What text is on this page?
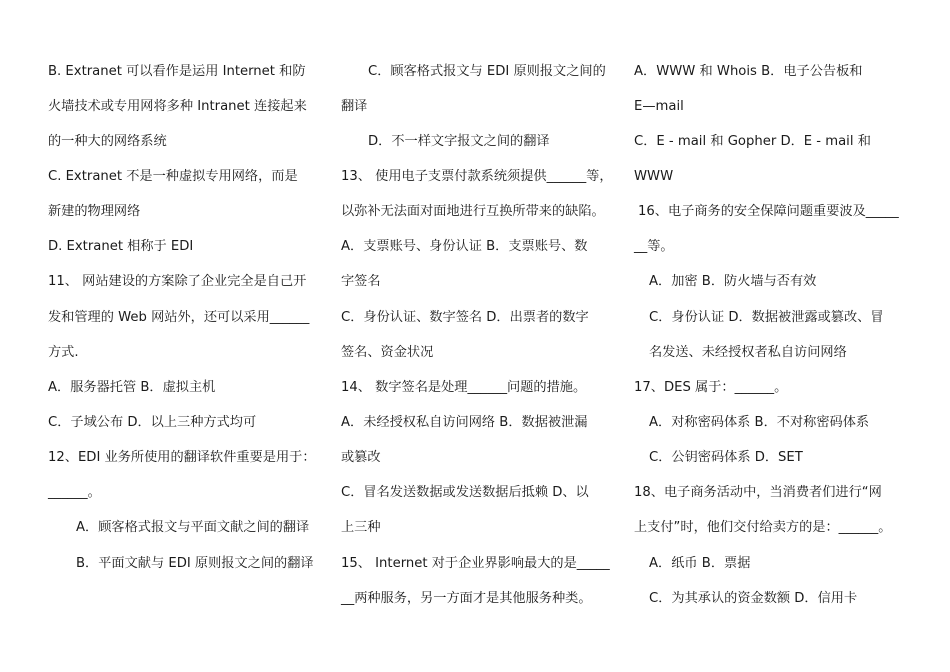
B. Extranet 可以看作是运用 Internet 和防
火墙技术或专用网将多种 Intranet 连接起来
的一种大的网络系统
C. Extranet 不是一种虚拟专用网络，而是
新建的物理网络
D. Extranet 相称于 EDI
11、 网站建设的方案除了企业完全是自己开
发和管理的 Web 网站外，还可以采用______
方式.
A．服务器托管 B．虚拟主机
C．子域公布 D．以上三种方式均可
12、EDI 业务所使用的翻译软件重要是用于：
______。
A．顾客格式报文与平面文献之间的翻译
B．平面文献与 EDI 原则报文之间的翻译
C．顾客格式报文与 EDI 原则报文之间的
翻译
D．不一样文字报文之间的翻译
13、 使用电子支票付款系统须提供______等，
以弥补无法面对面地进行互换所带来的缺陷。
A．支票账号、身份认证 B．支票账号、数
字签名
C．身份认证、数字签名 D．出票者的数字
签名、资金状况
14、 数字签名是处理______问题的措施。
A．未经授权私自访问网络 B．数据被泄漏
或篡改
C．冒名发送数据或发送数据后抵赖 D、以
上三种
15、 Internet 对于企业界影响最大的是_____
__两种服务，另一方面才是其他服务种类。
A．WWW 和 Whois B．电子公告板和
E—mail
C．E - mail 和 Gopher D．E - mail 和
WWW
16、电子商务的安全保障问题重要波及_____
__等。
A．加密 B．防火墙与否有效
C．身份认证 D．数据被泄露或篡改、冒
名发送、未经授权者私自访问网络
17、DES 属于：______。
A．对称密码体系 B．不对称密码体系
C．公钥密码体系 D．SET
18、电子商务活动中，当消费者们进行“网
上支付”时，他们交付给卖方的是：______。
A．纸币 B．票据
C．为其承认的资金数额 D．信用卡
